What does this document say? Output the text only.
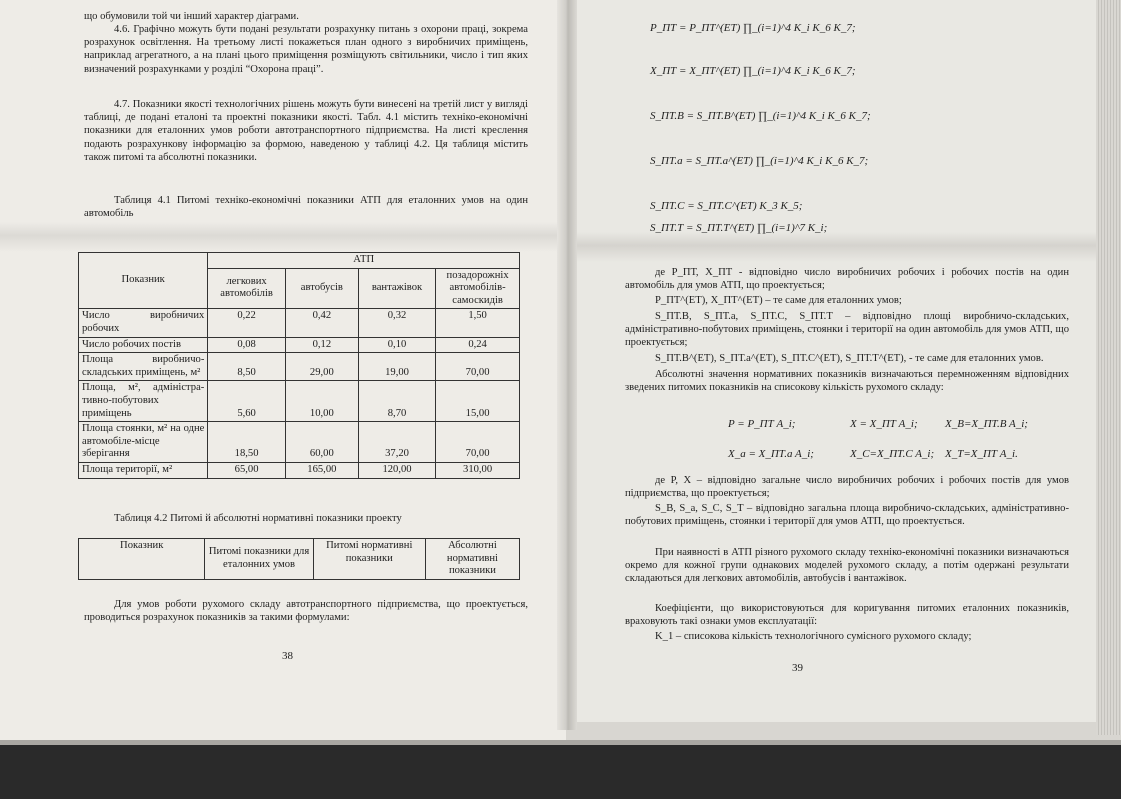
що обумовили той чи інший характер діаграми.

4.6. Графічно можуть бути подані результати розрахунку питань з охорони праці, зокрема розрахунок освітлення. На третьому листі покажеться план одного з виробничих приміщень, наприклад агрегатного, а на плані цього приміщення розміщують світильники, число і тип яких визначений розрахунками у розділі “Охорона праці”.

4.7. Показники якості технологічних рішень можуть бути винесені на третій лист у вигляді таблиці, де подані еталоні та проектні показники якості. Табл. 4.1 містить техніко-економічні показники для еталонних умов роботи автотранспортного підприємства. На листі креслення подають розрахункову інформацію за формою, наведеною у таблиці 4.2. Ця таблиця містить також питомі та абсолютні показники.

Таблиця 4.1 Питомі техніко-економічні показники АТП для еталонних умов на один автомобіль

Показник	АТП			
	легкових автомобілів	автобусів	вантажівок	позадорожніх автомобілів-самоскидів
Число виробничих робочих	0,22	0,42	0,32	1,50
Число робочих постів	0,08	0,12	0,10	0,24
Площа виробничо-складських приміщень, м²	8,50	29,00	19,00	70,00
Площа, м², адміністра-тивно-побутових приміщень	5,60	10,00	8,70	15,00
Площа стоянки, м² на одне автомобіле-місце зберігання	18,50	60,00	37,20	70,00
Площа території, м²	65,00	165,00	120,00	310,00

Таблиця 4.2 Питомі й абсолютні нормативні показники проекту

Показник	Питомі показники для еталонних умов	Питомі нормативні показники	Абсолютні нормативні показники

Для умов роботи рухомого складу автотранспортного підприємства, що проектується, проводиться розрахунок показників за такими формулами:

38
P_ПТ = P_ПТ^(ЕТ) ∏_(i=1)^4 K_i K_6 K_7;
X_ПТ = X_ПТ^(ЕТ) ∏_(i=1)^4 K_i K_6 K_7;
S_ПТ.В = S_ПТ.В^(ЕТ) ∏_(i=1)^4 K_i K_6 K_7;
S_ПТ.а = S_ПТ.а^(ЕТ) ∏_(i=1)^4 K_i K_6 K_7;
S_ПТ.С = S_ПТ.С^(ЕТ) K_3 K_5;
S_ПТ.Т = S_ПТ.Т^(ЕТ) ∏_(i=1)^7 K_i;

де P_ПТ, X_ПТ - відповідно число виробничих робочих і робочих постів на один автомобіль для умов АТП, що проектується;

P_ПТ^(ЕТ), X_ПТ^(ЕТ) – те саме для еталонних умов;

S_ПТ.В, S_ПТ.а, S_ПТ.С, S_ПТ.Т – відповідно площі виробничо-складських, адміністративно-побутових приміщень, стоянки і території на один автомобіль для умов АТП, що проектується;

S_ПТ.В^(ЕТ), S_ПТ.а^(ЕТ), S_ПТ.С^(ЕТ), S_ПТ.Т^(ЕТ), - те саме для еталонних умов.

Абсолютні значення нормативних показників визначаються перемноженням відповідних зведених питомих показників на списокову кількість рухомого складу:

P = P_ПТ A_i;	X = X_ПТ A_i; X_B=X_ПТ.B A_i;
X_a = X_ПТ.a A_i;	X_C=X_ПТ.C A_i; X_T=X_ПТ A_i.

де P, X – відповідно загальне число виробничих робочих і робочих постів для умов підприємства, що проектується;

S_B, S_a, S_C, S_T – відповідно загальна площа виробничо-складських, адміністративно-побутових приміщень, стоянки і території для умов АТП, що проектується.

При наявності в АТП різного рухомого складу техніко-економічні показники визначаються окремо для кожної групи однакових моделей рухомого складу, а потім одержані результати складаються для легкових автомобілів, автобусів і вантажівок.

Коефіцієнти, що використовуються для коригування питомих еталонних показників, враховують такі ознаки умов експлуатації:

K_1 – списокова кількість технологічного сумісного рухомого складу;

39
